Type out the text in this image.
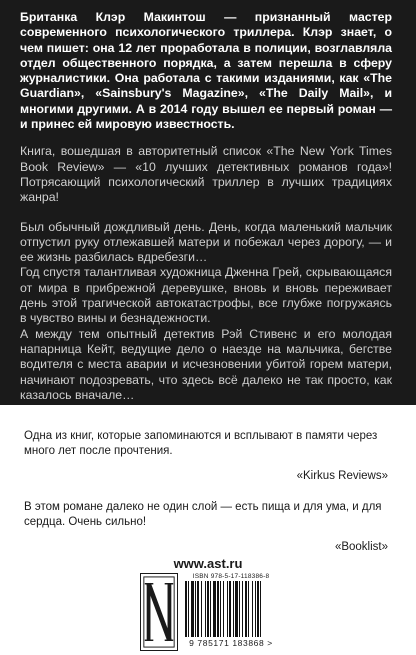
Британка Клэр Макинтош — признанный мастер современного психологического триллера. Клэр знает, о чем пишет: она 12 лет проработала в полиции, возглавляла отдел общественного порядка, а затем перешла в сферу журналистики. Она работала с такими изданиями, как «The Guardian», «Sainsbury's Magazine», «The Daily Mail», и многими другими. А в 2014 году вышел ее первый роман — и принес ей мировую известность.
Книга, вошедшая в авторитетный список «The New York Times Book Review» — «10 лучших детективных романов года»! Потрясающий психологический триллер в лучших традициях жанра!

Был обычный дождливый день. День, когда маленький мальчик отпустил руку отлежавшей матери и побежал через дорогу, — и ее жизнь разбилась вдребезги…

Год спустя талантливая художница Дженна Грей, скрывающаяся от мира в прибрежной деревушке, вновь и вновь переживает день этой трагической автокатастрофы, все глубже погружаясь в чувство вины и безнадежности.

А между тем опытный детектив Рэй Стивенс и его молодая напарница Кейт, ведущие дело о наезде на мальчика, бегстве водителя с места аварии и исчезновении убитой горем матери, начинают подозревать, что здесь всё далеко не так просто, как казалось вначале…

Одна из книг, которые запоминаются и всплывают в памяти через много лет после прочтения.
«Kirkus Reviews»
В этом романе далеко не один слой — есть пища и для ума, и для сердца. Очень сильно!
«Booklist»
www.ast.ru
ISBN 978-5-17-118386-8
9 785171 183868 >
